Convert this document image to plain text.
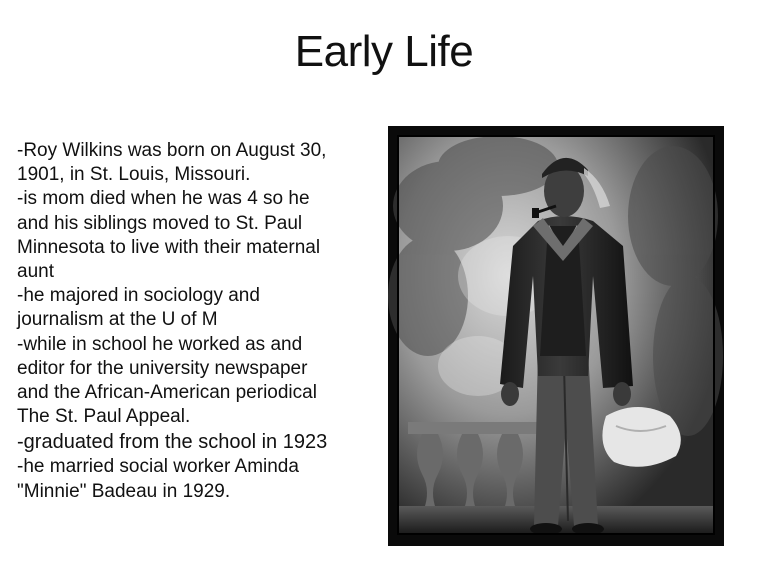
Early Life
-Roy Wilkins was born on August 30,
1901, in St. Louis, Missouri.
-is mom died when he was 4 so he
and his siblings moved to St. Paul
Minnesota to live with their maternal
aunt
-he majored in sociology and
journalism at the U of M
-while in school he worked as and
editor for the university newspaper
and the African-American periodical
The St. Paul Appeal.
-graduated from the school in 1923
-he married social worker Aminda
"Minnie" Badeau in 1929.
